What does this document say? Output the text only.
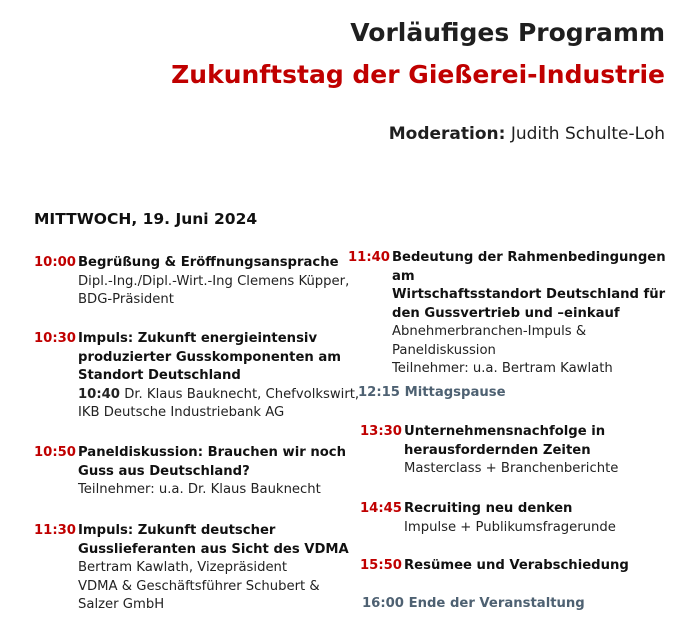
Vorläufiges Programm
Zukunftstag der Gießerei-Industrie
Moderation: Judith Schulte-Loh
MITTWOCH, 19. Juni 2024
10:00 Begrüßung & Eröffnungsansprache
Dipl.-Ing./Dipl.-Wirt.-Ing Clemens Küpper,
BDG-Präsident
10:30 Impuls: Zukunft energieintensiv
produzierter Gusskomponenten am
Standort Deutschland
10:40 Dr. Klaus Bauknecht, Chefvolkswirt,
IKB Deutsche Industriebank AG
10:50 Paneldiskussion: Brauchen wir noch
Guss aus Deutschland?
Teilnehmer: u.a. Dr. Klaus Bauknecht
11:30 Impuls: Zukunft deutscher
Gusslieferanten aus Sicht des VDMA
Bertram Kawlath, Vizepräsident
VDMA & Geschäftsführer Schubert &
Salzer GmbH
11:40 Bedeutung der Rahmenbedingungen am
Wirtschaftsstandort Deutschland für
den Gussvertrieb und –einkauf
Abnehmerbranchen-Impuls &
Paneldiskussion
Teilnehmer: u.a. Bertram Kawlath
12:15 Mittagspause
13:30 Unternehmensnachfolge in
herausfordernden Zeiten
Masterclass + Branchenberichte
14:45 Recruiting neu denken
Impulse + Publikumsfragerunde
15:50 Resümee und Verabschiedung
16:00 Ende der Veranstaltung
